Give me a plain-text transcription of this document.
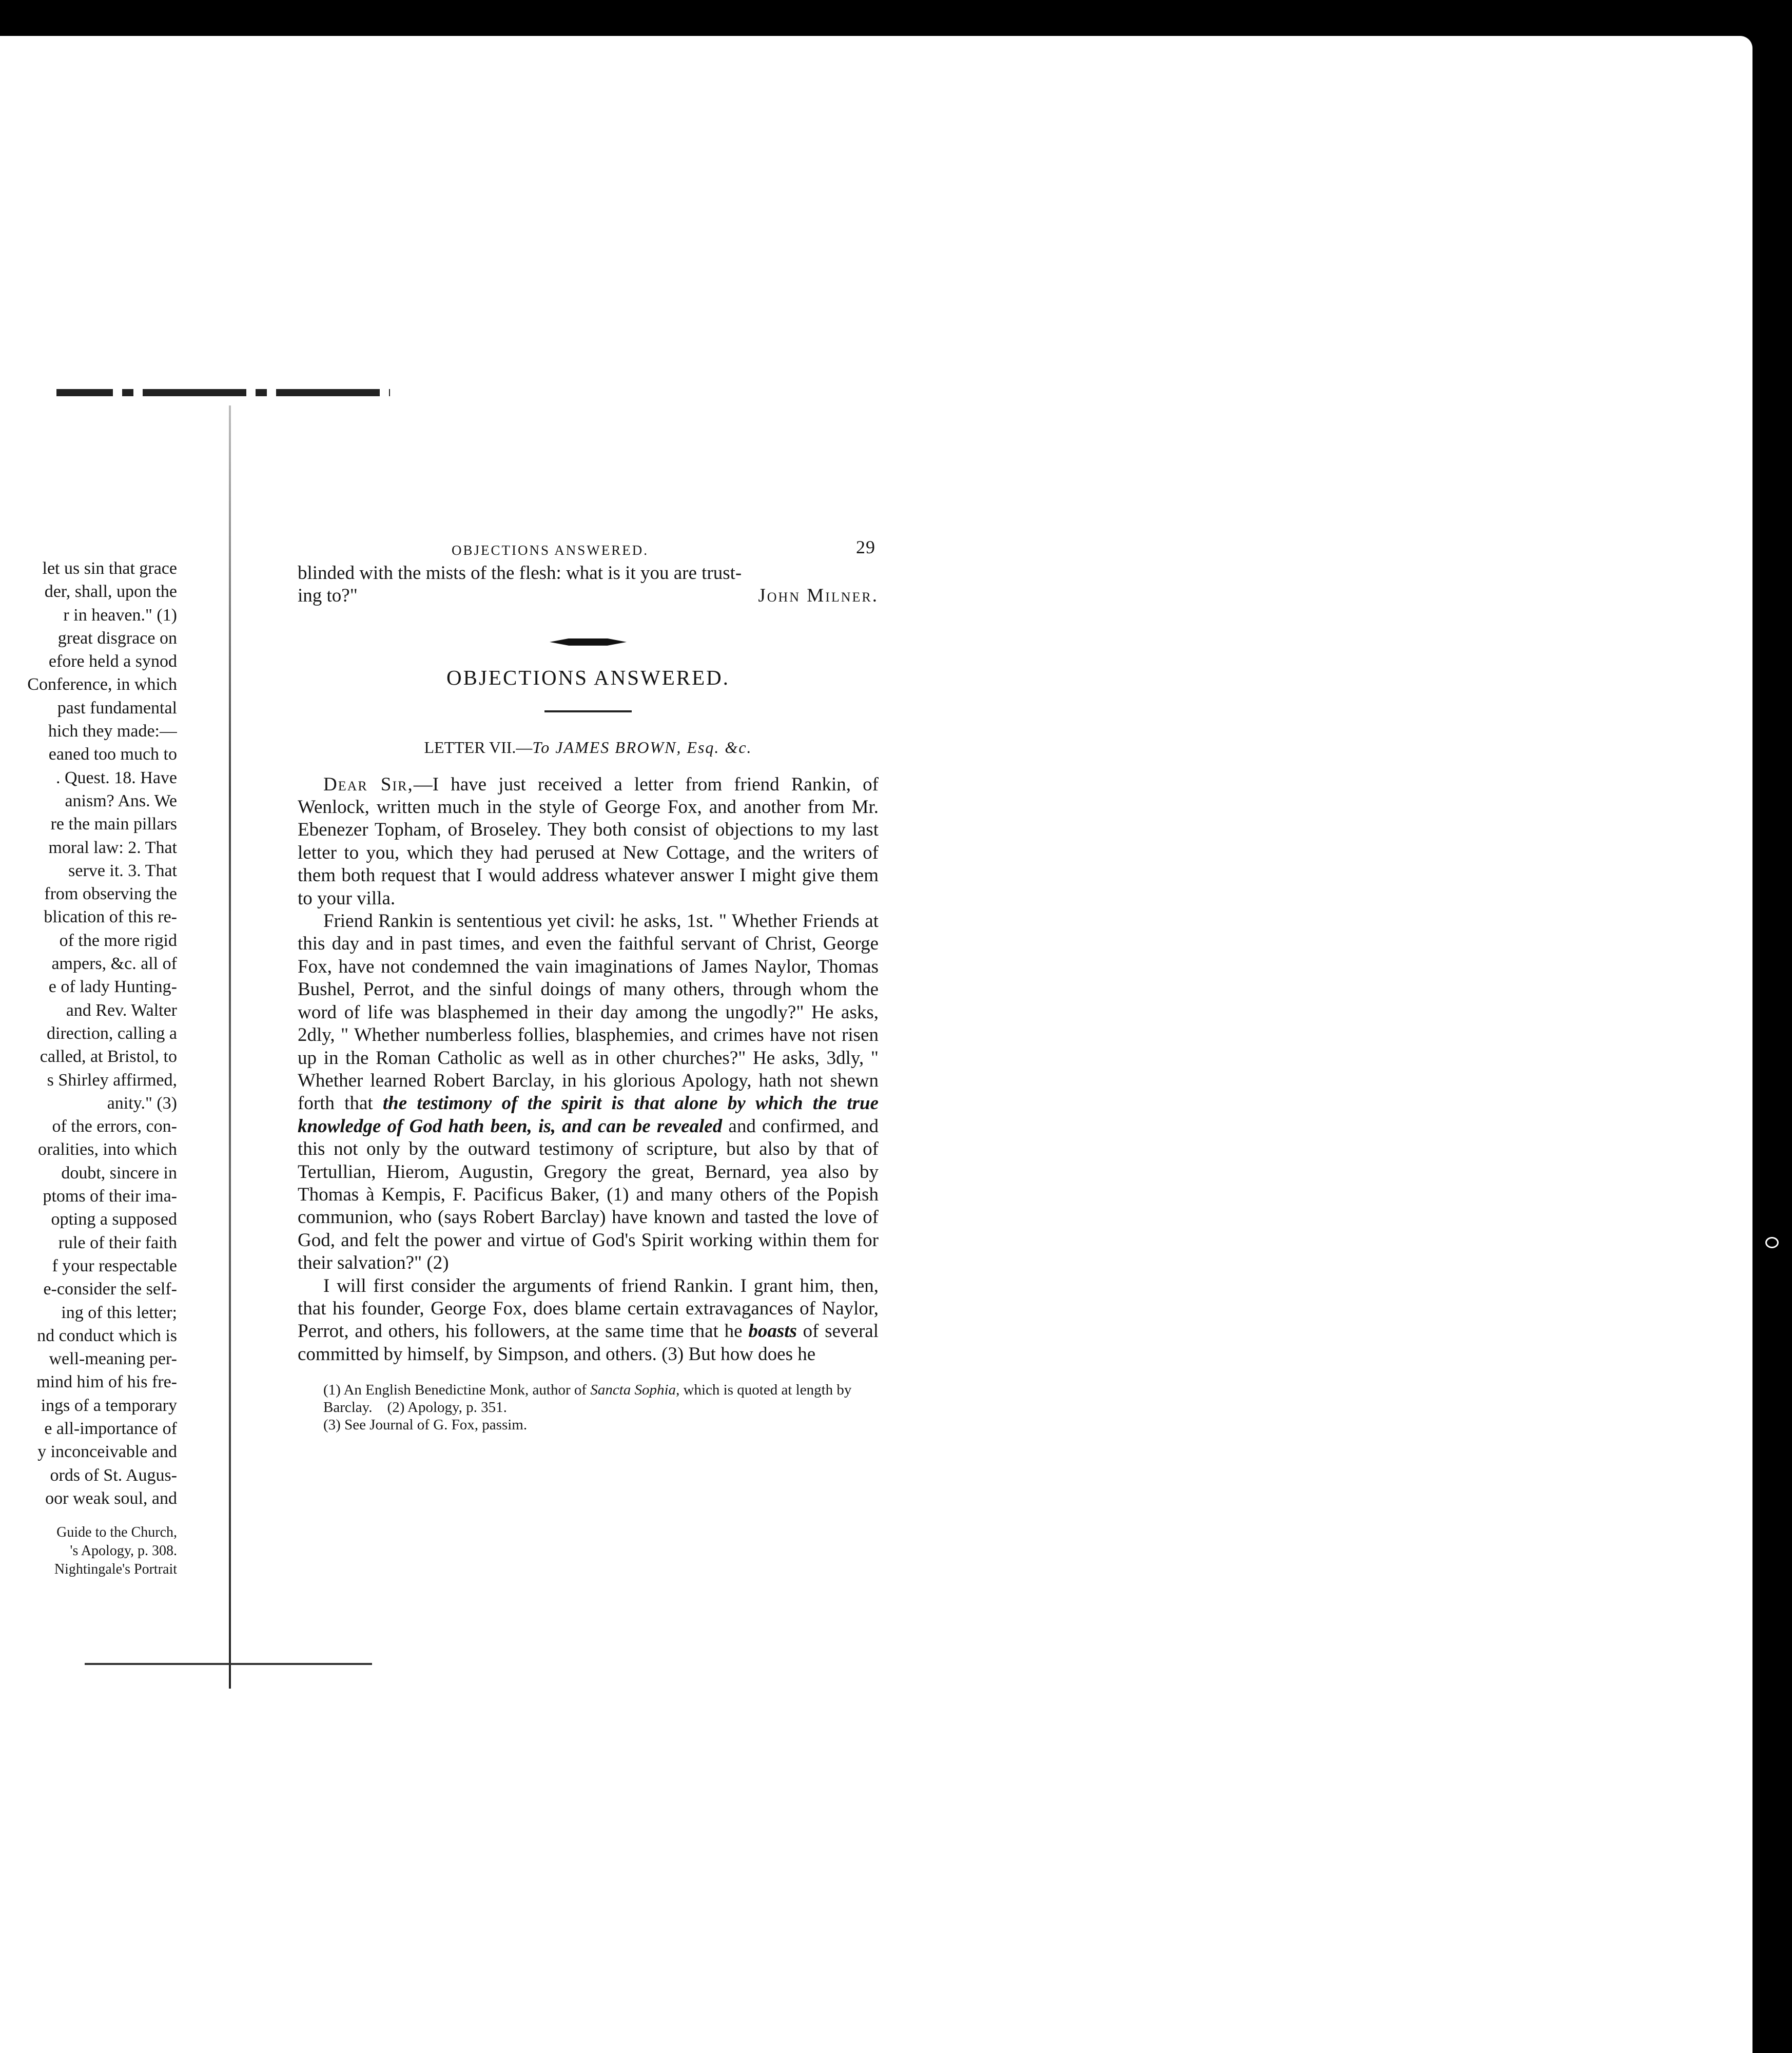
let us sin that grace
der, shall, upon the
r in heaven." (1)
great disgrace on
efore held a synod
Conference, in which
past fundamental
hich they made:—
eaned too much to
. Quest. 18. Have
anism? Ans. We
re the main pillars
moral law: 2. That
serve it. 3. That
from observing the
blication of this re-
of the more rigid
ampers, &c. all of
e of lady Hunting-
and Rev. Walter
direction, calling a
called, at Bristol, to
s Shirley affirmed,
anity." (3)
of the errors, con-
oralities, into which
doubt, sincere in
ptoms of their ima-
opting a supposed
rule of their faith
f your respectable
e-consider the self-
ing of this letter;
nd conduct which is
well-meaning per-
mind him of his fre-
ings of a temporary
e all-importance of
y inconceivable and
ords of St. Augus-
oor weak soul, and
Guide to the Church,
's Apology, p. 308.
Nightingale's Portrait
OBJECTIONS ANSWERED.	29

blinded with the mists of the flesh: what is it you are trust-

ing to?"	John Milner.
OBJECTIONS ANSWERED.
LETTER VII.—To JAMES BROWN, Esq. &c.

Dear Sir,—I have just received a letter from friend Rankin, of Wenlock, written much in the style of George Fox, and another from Mr. Ebenezer Topham, of Broseley. They both consist of objections to my last letter to you, which they had perused at New Cottage, and the writers of them both request that I would address whatever answer I might give them to your villa.

Friend Rankin is sententious yet civil: he asks, 1st. " Whether Friends at this day and in past times, and even the faithful servant of Christ, George Fox, have not condemned the vain imaginations of James Naylor, Thomas Bushel, Perrot, and the sinful doings of many others, through whom the word of life was blasphemed in their day among the ungodly?" He asks, 2dly, " Whether numberless follies, blasphemies, and crimes have not risen up in the Roman Catholic as well as in other churches?" He asks, 3dly, " Whether learned Robert Barclay, in his glorious Apology, hath not shewn forth that the testimony of the spirit is that alone by which the true knowledge of God hath been, is, and can be revealed and confirmed, and this not only by the outward testimony of scripture, but also by that of Tertullian, Hierom, Augustin, Gregory the great, Bernard, yea also by Thomas à Kempis, F. Pacificus Baker, (1) and many others of the Popish communion, who (says Robert Barclay) have known and tasted the love of God, and felt the power and virtue of God's Spirit working within them for their salvation?" (2)

I will first consider the arguments of friend Rankin. I grant him, then, that his founder, George Fox, does blame certain extravagances of Naylor, Perrot, and others, his followers, at the same time that he boasts of several committed by himself, by Simpson, and others. (3) But how does he

(1) An English Benedictine Monk, author of Sancta Sophia, which is quoted at length by Barclay. (2) Apology, p. 351.

(3) See Journal of G. Fox, passim.
